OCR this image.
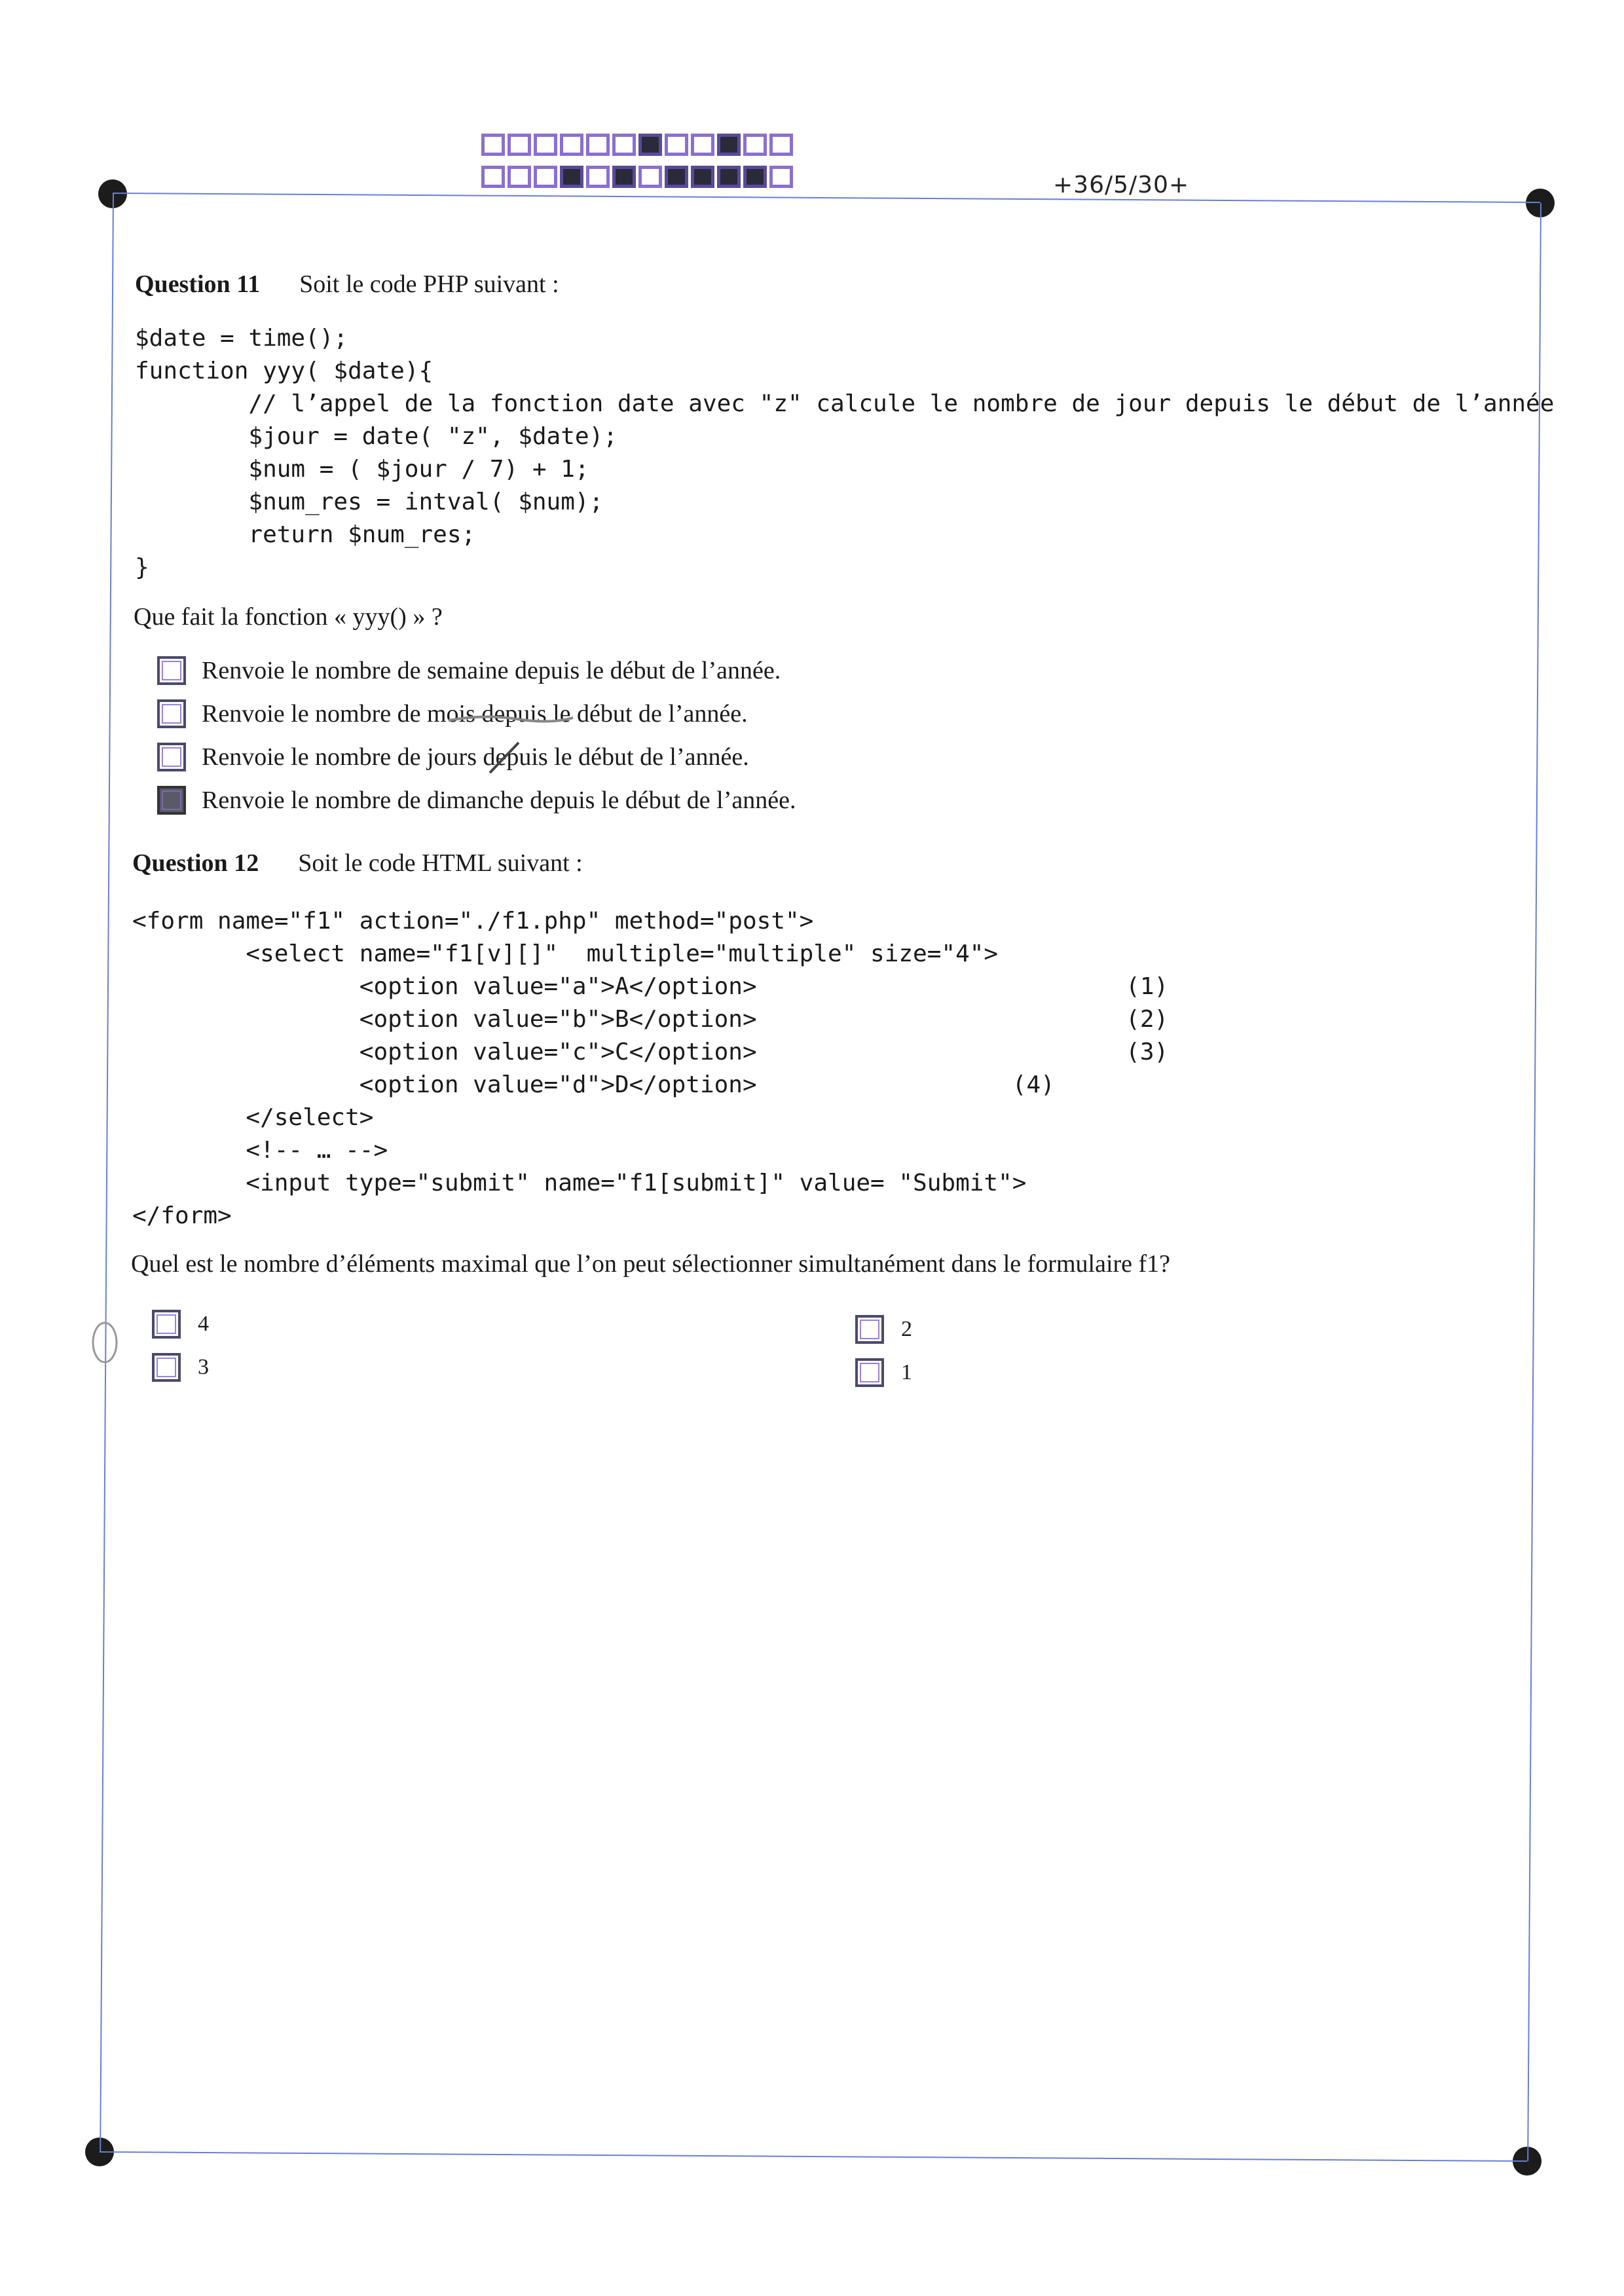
+36/5/30+
Question 11 Soit le code PHP suivant :
$date = time();
function yyy( $date){
// l’appel de la fonction date avec "z" calcule le nombre de jour depuis le début de l’année
$jour = date( "z", $date);
$num = ( $jour / 7) + 1;
$num_res = intval( $num);
return $num_res;
}
Que fait la fonction « yyy() » ?
Renvoie le nombre de semaine depuis le début de l’année.
Renvoie le nombre de mois depuis le début de l’année.
Renvoie le nombre de jours depuis le début de l’année.
Renvoie le nombre de dimanche depuis le début de l’année.
Question 12 Soit le code HTML suivant :
<form name="f1" action="./f1.php" method="post">
<select name="f1[v][]"  multiple="multiple" size="4">
<option value="a">A</option>                          (1)
<option value="b">B</option>                          (2)
<option value="c">C</option>                          (3)
<option value="d">D</option>                  (4)
</select>
<!-- … -->
<input type="submit" name="f1[submit]" value= "Submit">
</form>
Quel est le nombre d’éléments maximal que l’on peut sélectionner simultanément dans le formulaire f1?
4
3
2
1
